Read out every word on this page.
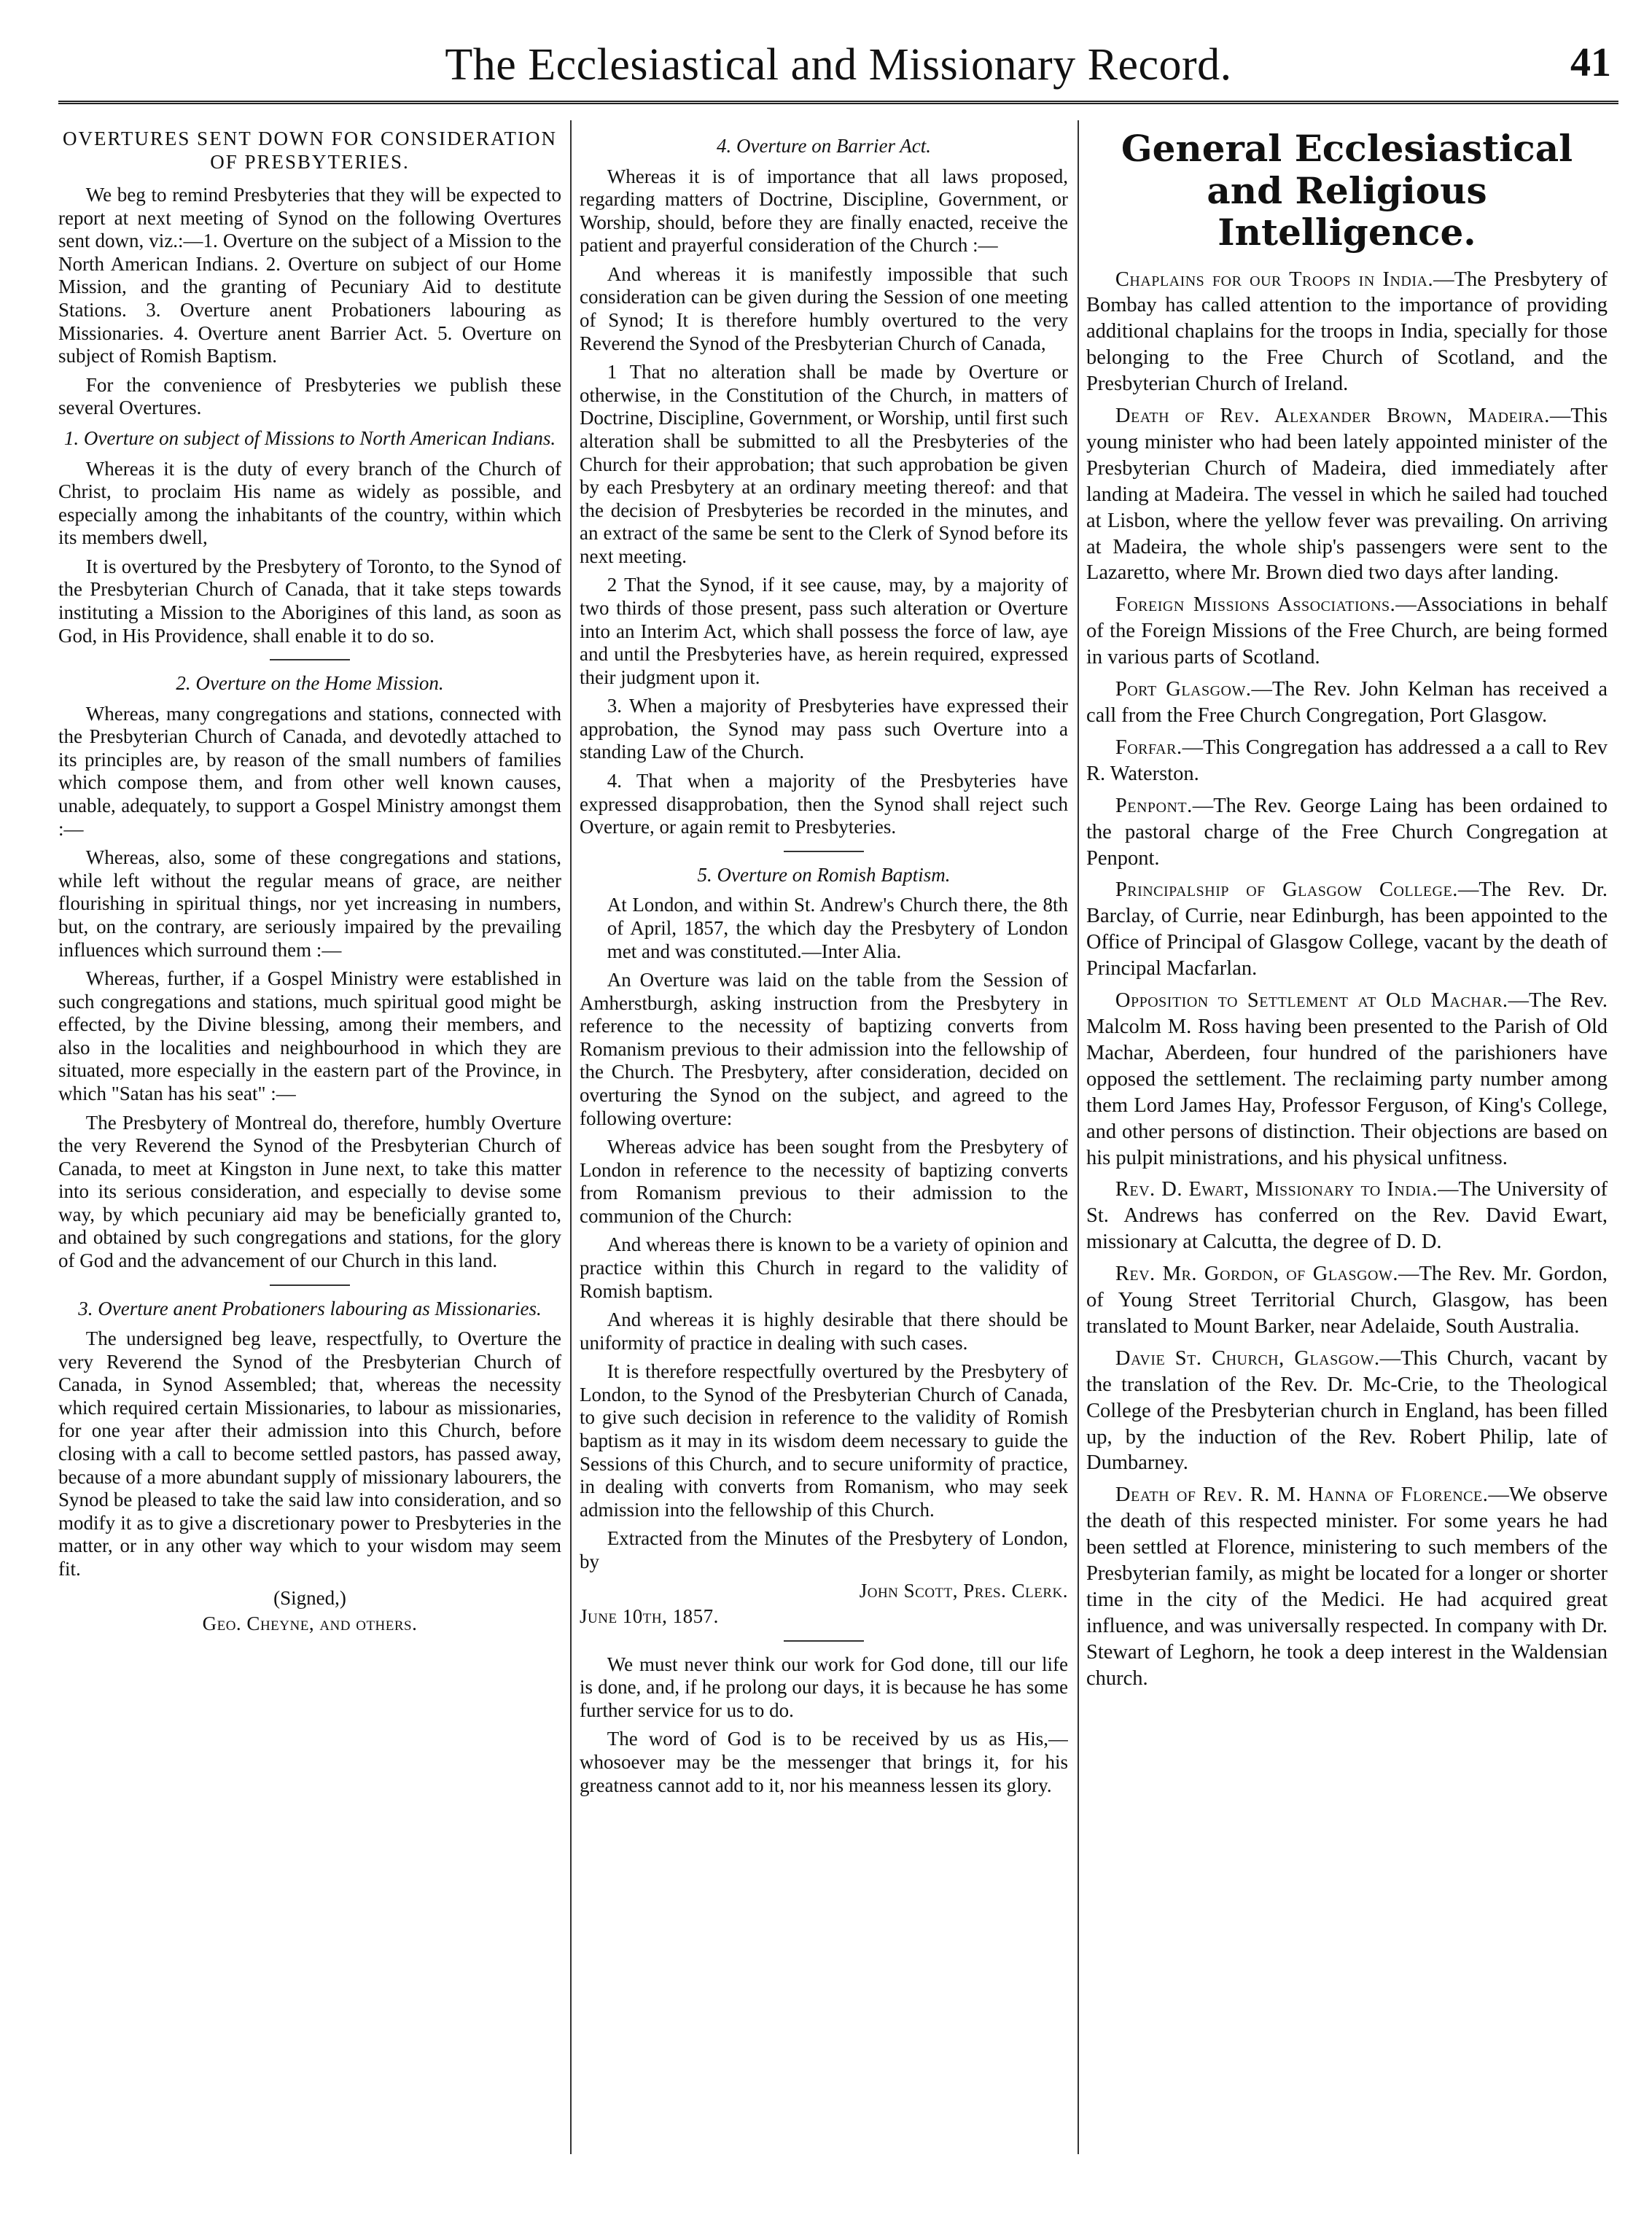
The Ecclesiastical and Missionary Record.	41
OVERTURES SENT DOWN FOR CONSIDERATION OF PRESBYTERIES.

We beg to remind Presbyteries that they will be expected to report at next meeting of Synod on the following Overtures sent down, viz.:—1. Overture on the subject of a Mission to the North American Indians. 2. Overture on subject of our Home Mission, and the granting of Pecuniary Aid to destitute Stations. 3. Overture anent Probationers labouring as Missionaries. 4. Overture anent Barrier Act. 5. Overture on subject of Romish Baptism.

For the convenience of Presbyteries we publish these several Overtures.

1. Overture on subject of Missions to North American Indians.

Whereas it is the duty of every branch of the Church of Christ, to proclaim His name as widely as possible, and especially among the inhabitants of the country, within which its members dwell,

It is overtured by the Presbytery of Toronto, to the Synod of the Presbyterian Church of Canada, that it take steps towards instituting a Mission to the Aborigines of this land, as soon as God, in His Providence, shall enable it to do so.

2. Overture on the Home Mission.

Whereas, many congregations and stations, connected with the Presbyterian Church of Canada, and devotedly attached to its principles are, by reason of the small numbers of families which compose them, and from other well known causes, unable, adequately, to support a Gospel Ministry amongst them :—

Whereas, also, some of these congregations and stations, while left without the regular means of grace, are neither flourishing in spiritual things, nor yet increasing in numbers, but, on the contrary, are seriously impaired by the prevailing influences which surround them :—

Whereas, further, if a Gospel Ministry were established in such congregations and stations, much spiritual good might be effected, by the Divine blessing, among their members, and also in the localities and neighbourhood in which they are situated, more especially in the eastern part of the Province, in which "Satan has his seat" :—

The Presbytery of Montreal do, therefore, humbly Overture the very Reverend the Synod of the Presbyterian Church of Canada, to meet at Kingston in June next, to take this matter into its serious consideration, and especially to devise some way, by which pecuniary aid may be beneficially granted to, and obtained by such congregations and stations, for the glory of God and the advancement of our Church in this land.

3. Overture anent Probationers labouring as Missionaries.

The undersigned beg leave, respectfully, to Overture the very Reverend the Synod of the Presbyterian Church of Canada, in Synod Assembled; that, whereas the necessity which required certain Missionaries, to labour as missionaries, for one year after their admission into this Church, before closing with a call to become settled pastors, has passed away, because of a more abundant supply of missionary labourers, the Synod be pleased to take the said law into consideration, and so modify it as to give a discretionary power to Presbyteries in the matter, or in any other way which to your wisdom may seem fit.

(Signed,)
Geo. Cheyne, and others.
4. Overture on Barrier Act.

Whereas it is of importance that all laws proposed, regarding matters of Doctrine, Discipline, Government, or Worship, should, before they are finally enacted, receive the patient and prayerful consideration of the Church :—

And whereas it is manifestly impossible that such consideration can be given during the Session of one meeting of Synod; It is therefore humbly overtured to the very Reverend the Synod of the Presbyterian Church of Canada,

1 That no alteration shall be made by Overture or otherwise, in the Constitution of the Church, in matters of Doctrine, Discipline, Government, or Worship, until first such alteration shall be submitted to all the Presbyteries of the Church for their approbation; that such approbation be given by each Presbytery at an ordinary meeting thereof: and that the decision of Presbyteries be recorded in the minutes, and an extract of the same be sent to the Clerk of Synod before its next meeting.

2 That the Synod, if it see cause, may, by a majority of two thirds of those present, pass such alteration or Overture into an Interim Act, which shall possess the force of law, aye and until the Presbyteries have, as herein required, expressed their judgment upon it.

3. When a majority of Presbyteries have expressed their approbation, the Synod may pass such Overture into a standing Law of the Church.

4. That when a majority of the Presbyteries have expressed disapprobation, then the Synod shall reject such Overture, or again remit to Presbyteries.

5. Overture on Romish Baptism.

At London, and within St. Andrew's Church there, the 8th of April, 1857, the which day the Presbytery of London met and was constituted.—Inter Alia.

An Overture was laid on the table from the Session of Amherstburgh, asking instruction from the Presbytery in reference to the necessity of baptizing converts from Romanism previous to their admission into the fellowship of the Church. The Presbytery, after consideration, decided on overturing the Synod on the subject, and agreed to the following overture:

Whereas advice has been sought from the Presbytery of London in reference to the necessity of baptizing converts from Romanism previous to their admission to the communion of the Church:

And whereas there is known to be a variety of opinion and practice within this Church in regard to the validity of Romish baptism.

And whereas it is highly desirable that there should be uniformity of practice in dealing with such cases.

It is therefore respectfully overtured by the Presbytery of London, to the Synod of the Presbyterian Church of Canada, to give such decision in reference to the validity of Romish baptism as it may in its wisdom deem necessary to guide the Sessions of this Church, and to secure uniformity of practice, in dealing with converts from Romanism, who may seek admission into the fellowship of this Church.

Extracted from the Minutes of the Presbytery of London, by

John Scott, Pres. Clerk.
June 10th, 1857.

We must never think our work for God done, till our life is done, and, if he prolong our days, it is because he has some further service for us to do.

The word of God is to be received by us as His,— whosoever may be the messenger that brings it, for his greatness cannot add to it, nor his meanness lessen its glory.

General Ecclesiastical and Religious Intelligence.

Chaplains for our Troops in India.—The Presbytery of Bombay has called attention to the importance of providing additional chaplains for the troops in India, specially for those belonging to the Free Church of Scotland, and the Presbyterian Church of Ireland.

Death of Rev. Alexander Brown, Madeira.—This young minister who had been lately appointed minister of the Presbyterian Church of Madeira, died immediately after landing at Madeira. The vessel in which he sailed had touched at Lisbon, where the yellow fever was prevailing. On arriving at Madeira, the whole ship's passengers were sent to the Lazaretto, where Mr. Brown died two days after landing.

Foreign Missions Associations.—Associations in behalf of the Foreign Missions of the Free Church, are being formed in various parts of Scotland.

Port Glasgow.—The Rev. John Kelman has received a call from the Free Church Congregation, Port Glasgow.

Forfar.—This Congregation has addressed a a call to Rev R. Waterston.

Penpont.—The Rev. George Laing has been ordained to the pastoral charge of the Free Church Congregation at Penpont.

Principalship of Glasgow College.—The Rev. Dr. Barclay, of Currie, near Edinburgh, has been appointed to the Office of Principal of Glasgow College, vacant by the death of Principal Macfarlan.

Opposition to Settlement at Old Machar.—The Rev. Malcolm M. Ross having been presented to the Parish of Old Machar, Aberdeen, four hundred of the parishioners have opposed the settlement. The reclaiming party number among them Lord James Hay, Professor Ferguson, of King's College, and other persons of distinction. Their objections are based on his pulpit ministrations, and his physical unfitness.

Rev. D. Ewart, Missionary to India.—The University of St. Andrews has conferred on the Rev. David Ewart, missionary at Calcutta, the degree of D. D.

Rev. Mr. Gordon, of Glasgow.—The Rev. Mr. Gordon, of Young Street Territorial Church, Glasgow, has been translated to Mount Barker, near Adelaide, South Australia.

Davie St. Church, Glasgow.—This Church, vacant by the translation of the Rev. Dr. Mc-Crie, to the Theological College of the Presbyterian church in England, has been filled up, by the induction of the Rev. Robert Philip, late of Dumbarney.

Death of Rev. R. M. Hanna of Florence.—We observe the death of this respected minister. For some years he had been settled at Florence, ministering to such members of the Presbyterian family, as might be located for a longer or shorter time in the city of the Medici. He had acquired great influence, and was universally respected. In company with Dr. Stewart of Leghorn, he took a deep interest in the Waldensian church.
